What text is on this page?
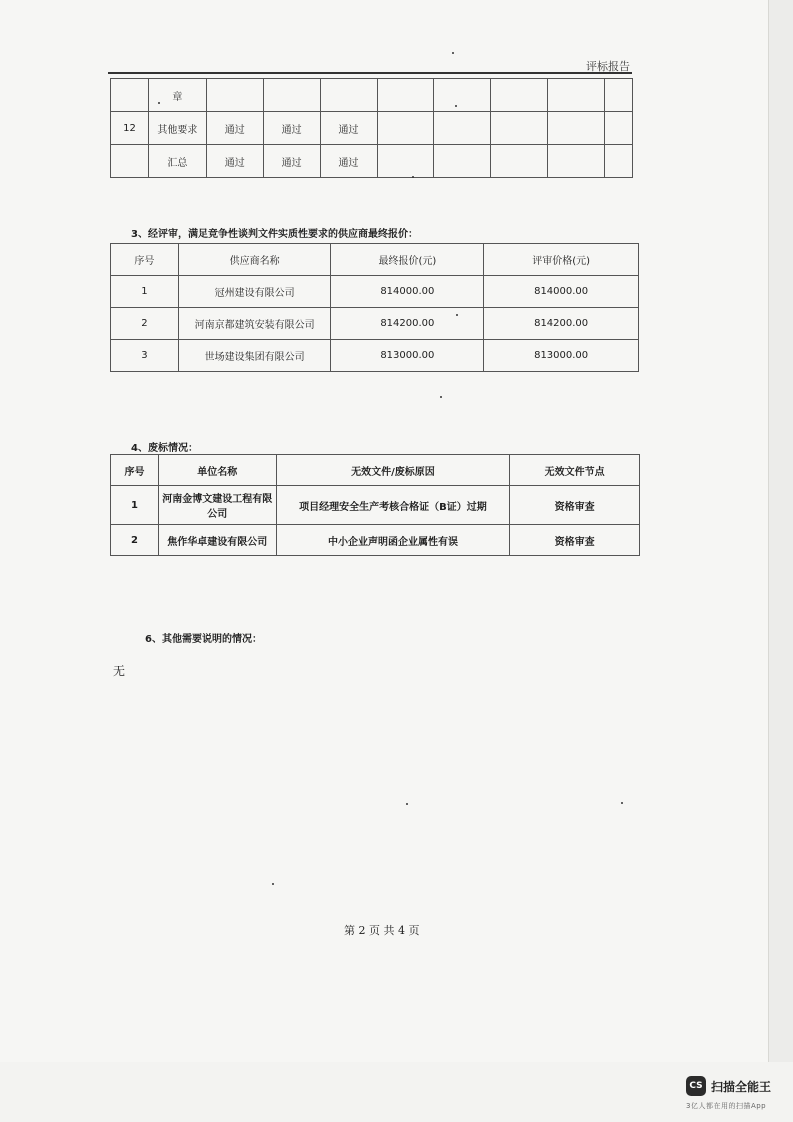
评标报告
	章								
12	其他要求	通过	通过	通过					
	汇总	通过	通过	通过					
3、经评审，满足竞争性谈判文件实质性要求的供应商最终报价：
序号	供应商名称	最终报价(元)	评审价格(元)
1	冠州建设有限公司	814000.00	814000.00
2	河南京都建筑安装有限公司	814200.00	814200.00
3	世场建设集团有限公司	813000.00	813000.00
4、废标情况：
序号	单位名称	无效文件/废标原因	无效文件节点
1	河南金博文建设工程有限公司	项目经理安全生产考核合格证（B证）过期	资格审查
2	焦作华卓建设有限公司	中小企业声明函企业属性有误	资格审查
6、其他需要说明的情况：
无
第 2 页 共 4 页
CS 扫描全能王
3亿人都在用的扫描App
